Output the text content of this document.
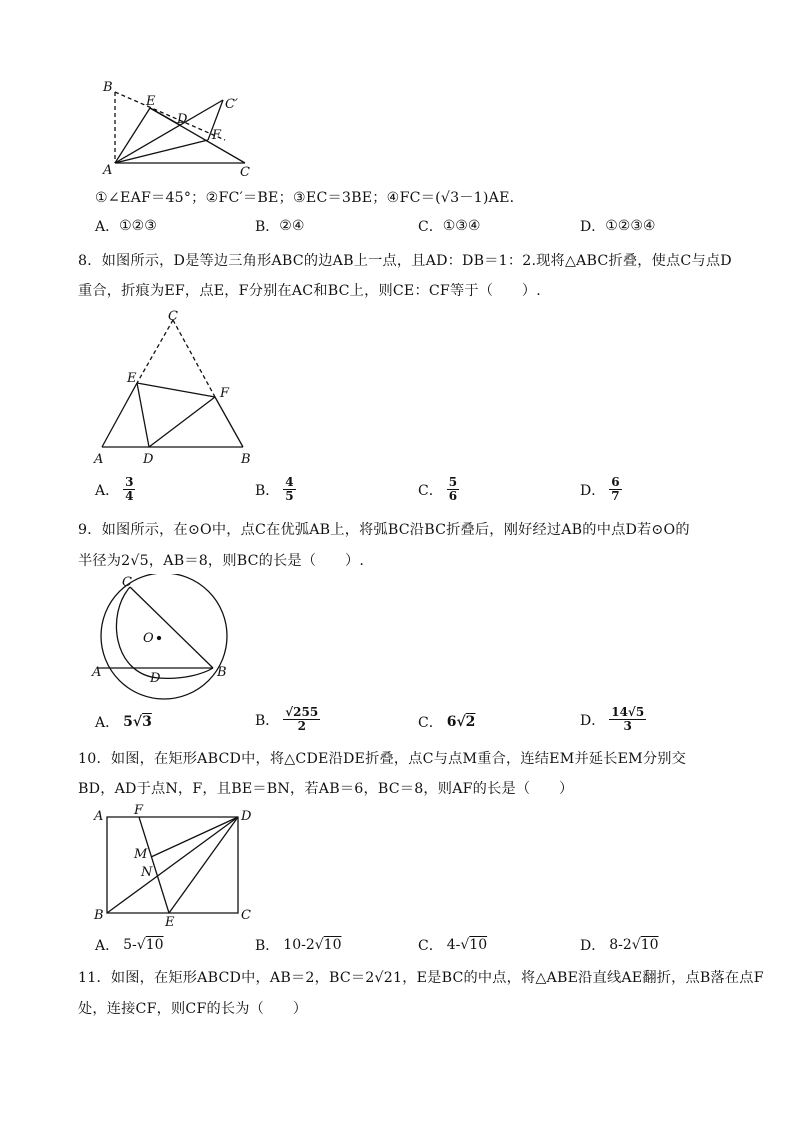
B
E
D
C′
F
A	C
①∠EAF＝45°；②FC′＝BE；③EC＝3BE；④FC＝(√3－1)AE．
A． ①②③	B． ②④	C． ①③④	D． ①②③④
8．如图所示，D是等边三角形ABC的边AB上一点，且AD：DB＝1：2.现将△ABC折叠，使点C与点D
重合，折痕为EF，点E，F分别在AC和BC上，则CE：CF等于（　　）.
C
E
F
A	D	B
A． $\frac{3}{4}$	B． $\frac{4}{5}$	C． $\frac{5}{6}$	D． $\frac{6}{7}$
9．如图所示，在⊙O中，点C在优弧AB上，将弧BC沿BC折叠后，刚好经过AB的中点D若⊙O的
半径为2√5，AB＝8，则BC的长是（　　）.
C
O
A	D	B
A． 5 √ 3	B． $\frac{√255}{2}$	C． 6 √ 2	D． $\frac{14√5}{3}$
10．如图，在矩形ABCD中，将△CDE沿DE折叠，点C与点M重合，连结EM并延长EM分别交
BD，AD于点N，F，且BE＝BN，若AB＝6，BC＝8，则AF的长是（　　）
A F	D
M
N
B	E	C
A． 5- √ 10	B． 10-2 √ 10	C． 4- √ 10	D． 8-2 √ 10
11．如图，在矩形ABCD中，AB＝2，BC＝2√21，E是BC的中点，将△ABE沿直线AE翻折，点B落在点F
处，连接CF，则CF的长为（　　）
